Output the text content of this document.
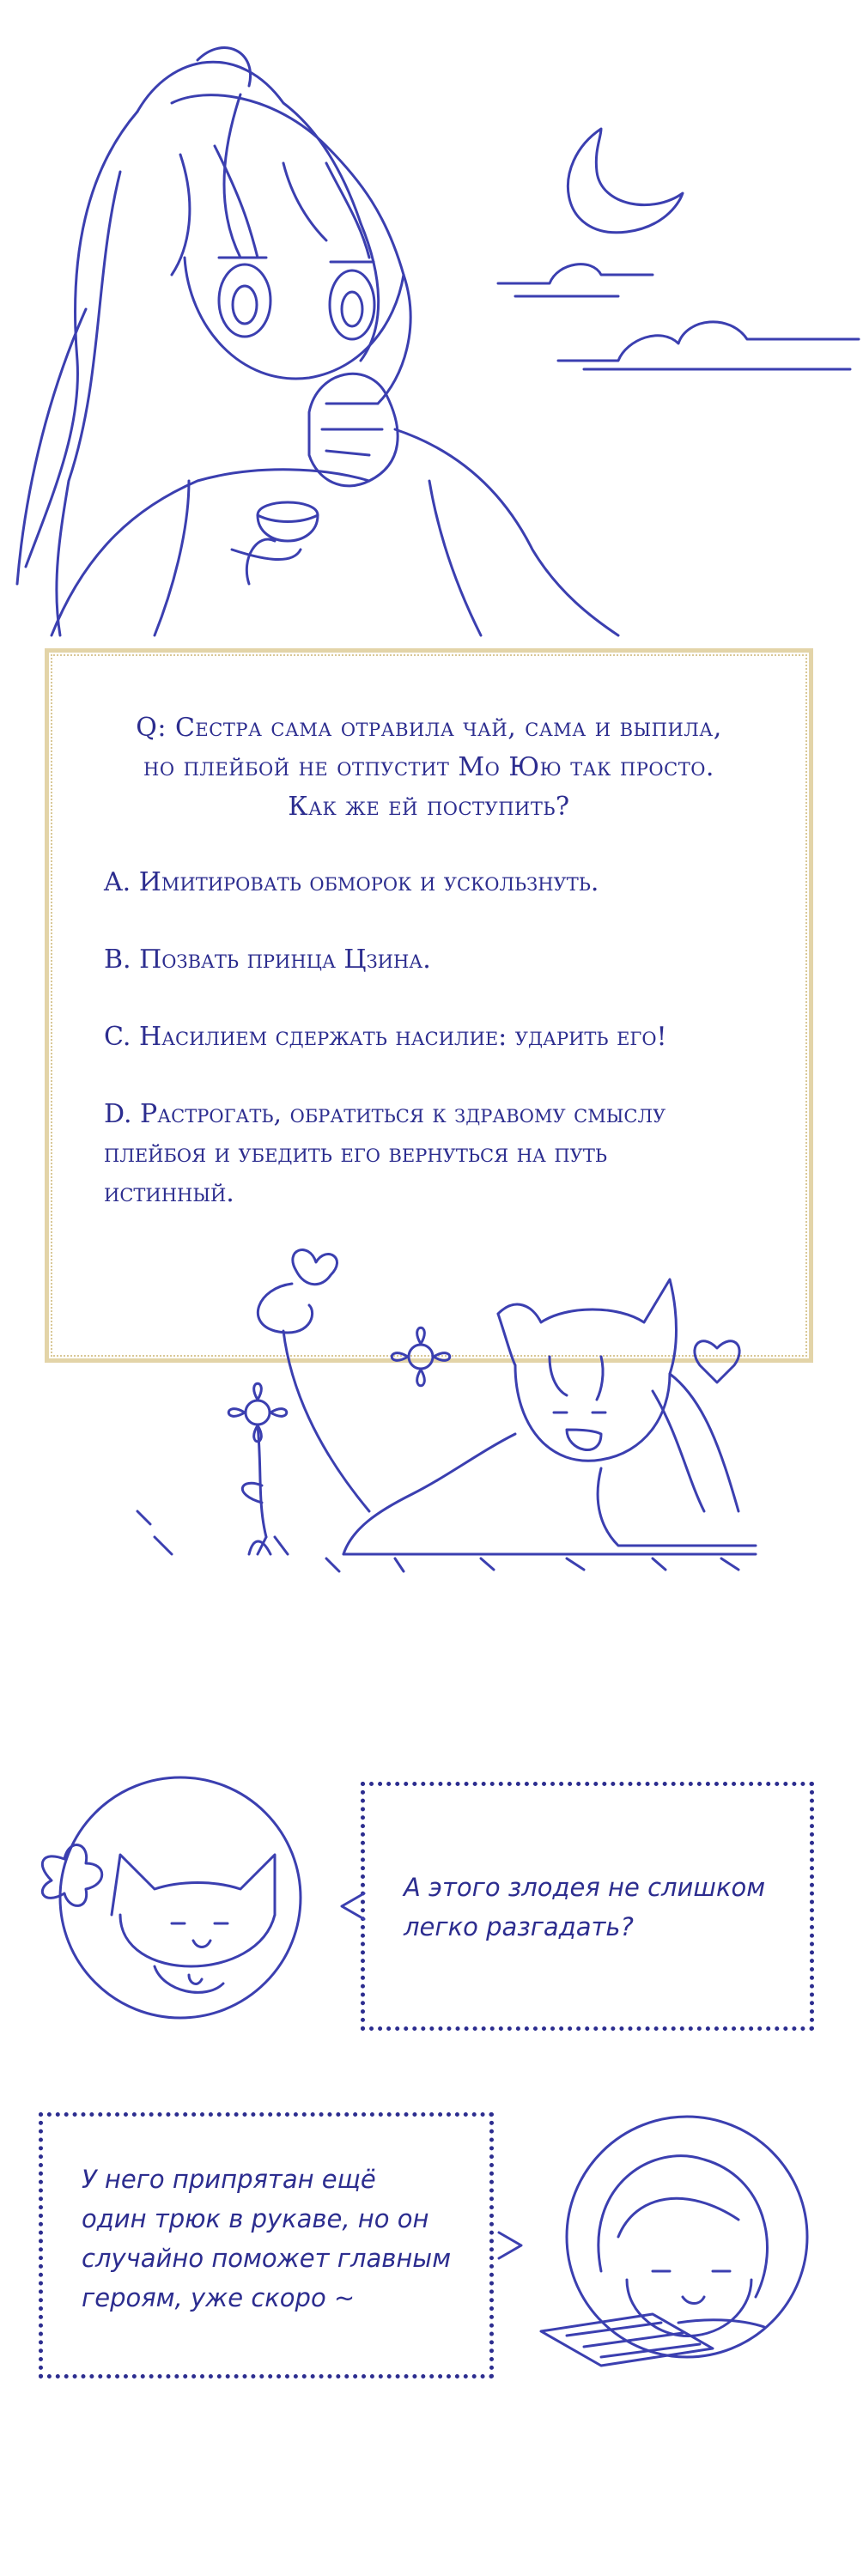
Q: Сестра сама отравила чай, сама и выпила,
но плейбой не отпустит Мо Юю так просто.
Как же ей поступить?
A. Имитировать обморок и ускользнуть.
B. Позвать принца Цзина.
C. Насилием сдержать насилие: ударить его!
D. Растрогать, обратиться к здравому смыслу
плейбоя и убедить его вернуться на путь
истинный.
А этого злодея не слишком
легко разгадать?
У него припрятан ещё
один трюк в рукаве, но он
случайно поможет главным
героям, уже скоро ~
